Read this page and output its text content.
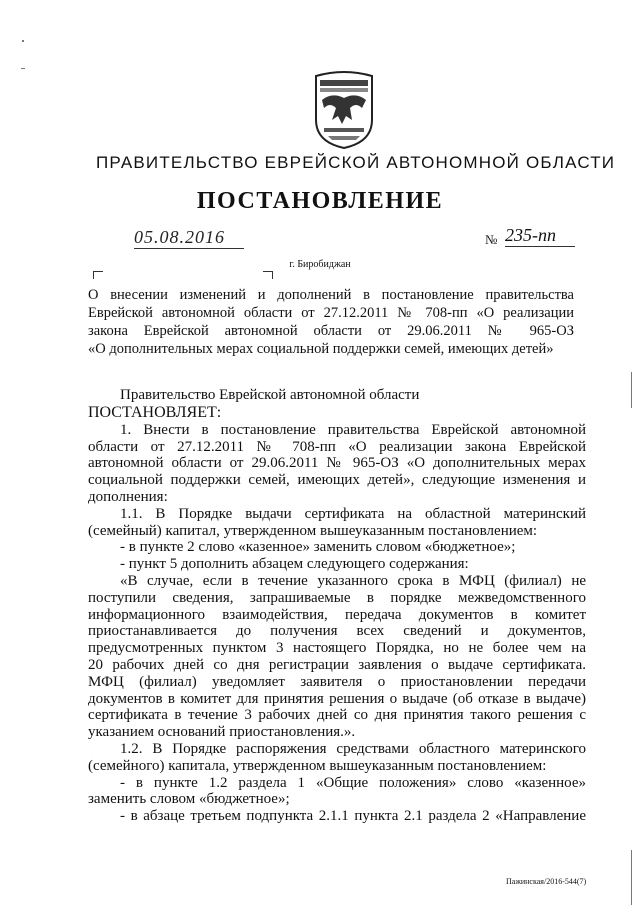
ПРАВИТЕЛЬСТВО ЕВРЕЙСКОЙ АВТОНОМНОЙ ОБЛАСТИ
ПОСТАНОВЛЕНИЕ
05.08.2016	№ 235-пп
г. Биробиджан
О внесении изменений и дополнений в постановление правительства
Еврейской автономной области от 27.12.2011 № 708-пп «О реализации
закона Еврейской автономной области от 29.06.2011 № 965-ОЗ
«О дополнительных мерах социальной поддержки семей, имеющих детей»
Правительство Еврейской автономной области
ПОСТАНОВЛЯЕТ:
1. Внести в постановление правительства Еврейской автономной
области от 27.12.2011 № 708-пп «О реализации закона Еврейской
автономной области от 29.06.2011 № 965-ОЗ «О дополнительных мерах
социальной поддержки семей, имеющих детей», следующие изменения и
дополнения:
1.1. В Порядке выдачи сертификата на областной материнский
(семейный) капитал, утвержденном вышеуказанным постановлением:
- в пункте 2 слово «казенное» заменить словом «бюджетное»;
- пункт 5 дополнить абзацем следующего содержания:
«В случае, если в течение указанного срока в МФЦ (филиал) не
поступили сведения, запрашиваемые в порядке межведомственного
информационного взаимодействия, передача документов в комитет
приостанавливается до получения всех сведений и документов,
предусмотренных пунктом 3 настоящего Порядка, но не более чем на
20 рабочих дней со дня регистрации заявления о выдаче сертификата.
МФЦ (филиал) уведомляет заявителя о приостановлении передачи
документов в комитет для принятия решения о выдаче (об отказе в выдаче)
сертификата в течение 3 рабочих дней со дня принятия такого решения с
указанием оснований приостановления.».
1.2. В Порядке распоряжения средствами областного материнского
(семейного) капитала, утвержденном вышеуказанным постановлением:
- в пункте 1.2 раздела 1 «Общие положения» слово «казенное»
заменить словом «бюджетное»;
- в абзаце третьем подпункта 2.1.1 пункта 2.1 раздела 2 «Направление
Пажинская/2016-544(7)
